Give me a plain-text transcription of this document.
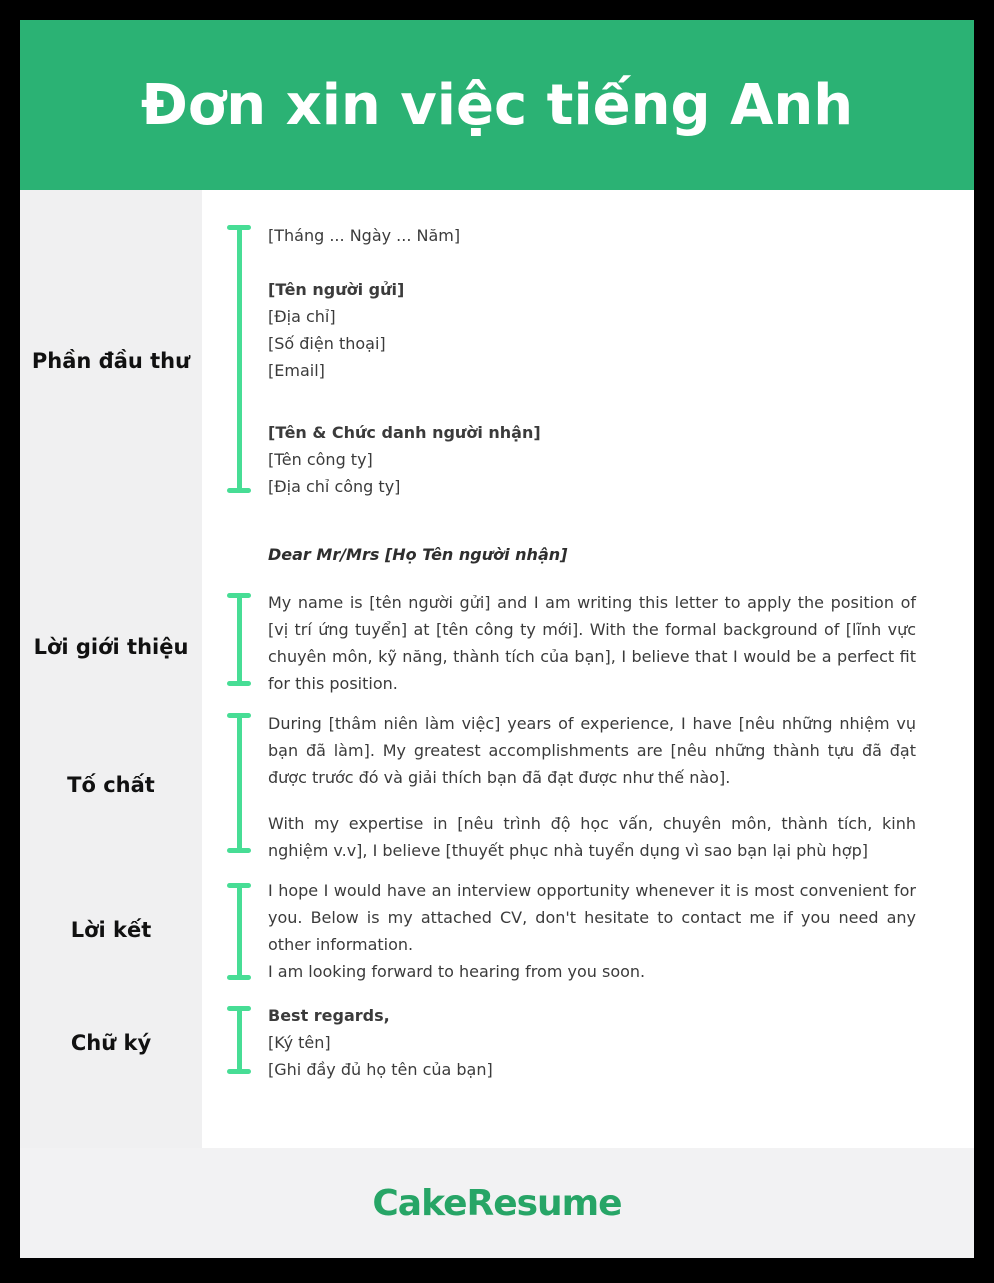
Đơn xin việc tiếng Anh
Phần đầu thư
Lời giới thiệu
Tố chất
Lời kết
Chữ ký
[Tháng ... Ngày ... Năm]
[Tên người gửi]
[Địa chỉ]
[Số điện thoại]
[Email]
[Tên & Chức danh người nhận]
[Tên công ty]
[Địa chỉ công ty]
Dear Mr/Mrs [Họ Tên người nhận]
My name is [tên người gửi] and I am writing this letter to apply the position of [vị trí ứng tuyển] at [tên công ty mới]. With the formal background of [lĩnh vực chuyên môn, kỹ năng, thành tích của bạn], I believe that I would be a perfect fit for this position.
During [thâm niên làm việc] years of experience, I have [nêu những nhiệm vụ bạn đã làm]. My greatest accomplishments are [nêu những thành tựu đã đạt được trước đó và giải thích bạn đã đạt được như thế nào].
With my expertise in [nêu trình độ học vấn, chuyên môn, thành tích, kinh nghiệm v.v], I believe [thuyết phục nhà tuyển dụng vì sao bạn lại phù hợp]
I hope I would have an interview opportunity whenever it is most convenient for you. Below is my attached CV, don't hesitate to contact me if you need any other information.
I am looking forward to hearing from you soon.
Best regards,
[Ký tên]
[Ghi đầy đủ họ tên của bạn]
CakeResume
